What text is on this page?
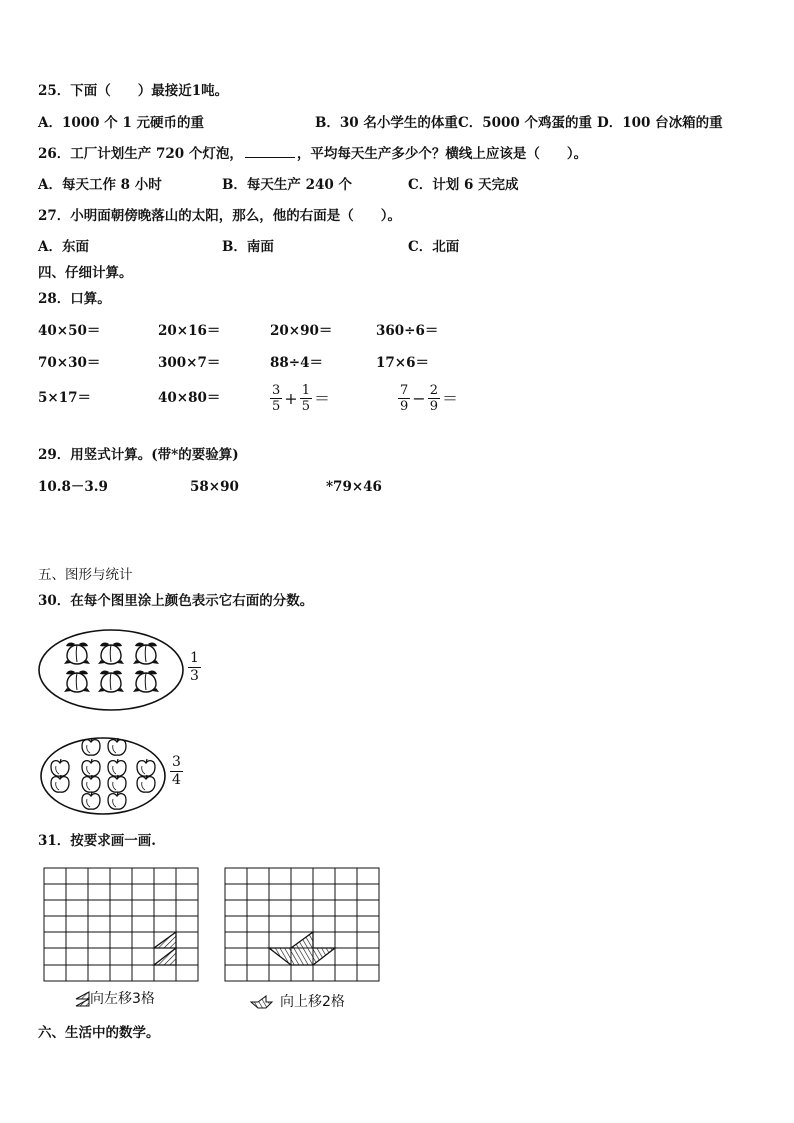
25．下面（　　）最接近1吨。
A．1000 个 1 元硬币的重	B．30 名小学生的体重 C．5000 个鸡蛋的重 D．100 台冰箱的重
26．工厂计划生产 720 个灯泡，	，平均每天生产多少个？横线上应该是（　　）。
A．每天工作 8 小时	B．每天生产 240 个	C．计划 6 天完成
27．小明面朝傍晚落山的太阳，那么，他的右面是（　　）。
A．东面	B．南面	C．北面
四、仔细计算。
28．口算。
40×50＝	20×16＝	20×90＝	360÷6＝
70×30＝	300×7＝	88÷4＝	17×6＝
5×17＝	40×80＝	$\frac{3}{5} + \frac{1}{5}$ ＝	$\frac{7}{9} - \frac{2}{9}$ ＝
29．用竖式计算。(带*的要验算)
10.8－3.9	58×90	*79×46
五、图形与统计
30．在每个图里涂上颜色表示它右面的分数。
$\frac{1}{3}$
$\frac{3}{4}$
31．按要求画一画.
向左移3格	向上移2格
六、生活中的数学。
